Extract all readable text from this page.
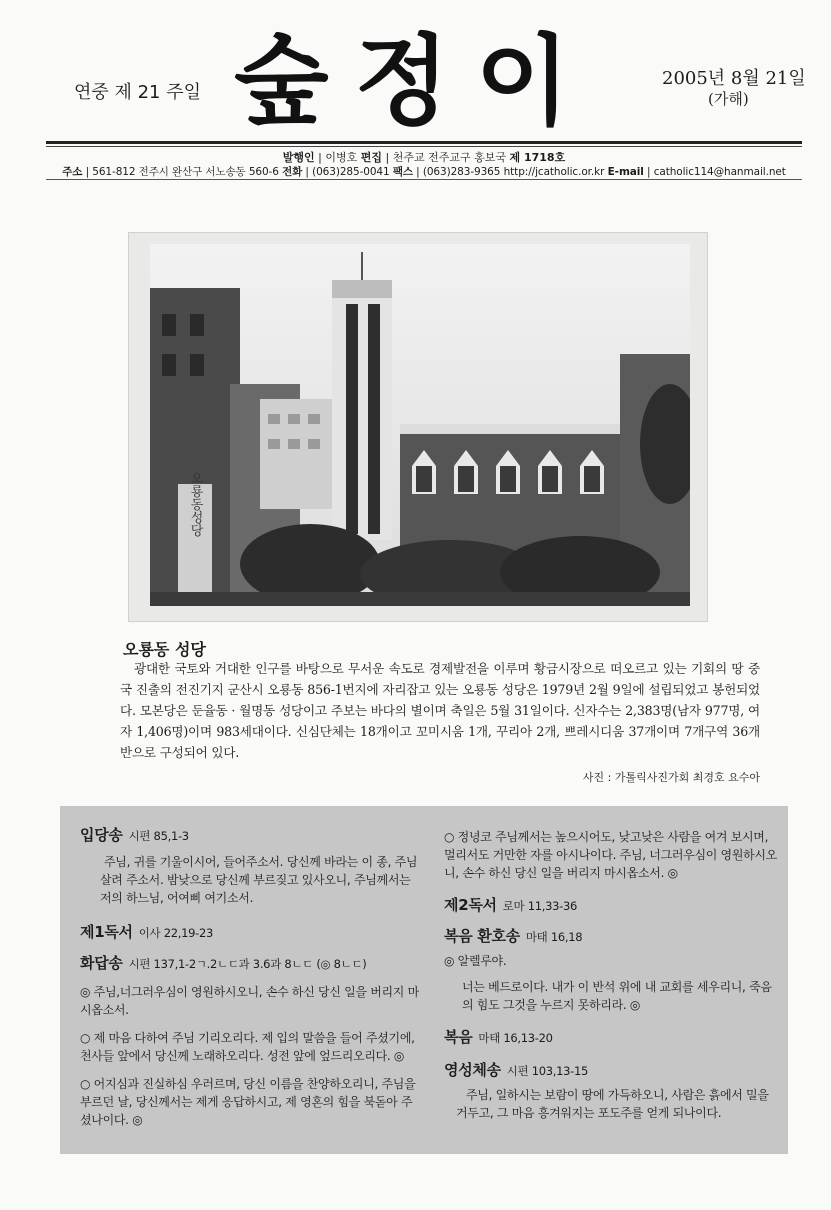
연중 제 21 주일 숲정이	2005년 8월 21일
(가해)
발행인 | 이병호 편집 | 천주교 전주교구 홍보국 제 1718호
주소 | 561-812 전주시 완산구 서노송동 560-6 전화 | (063)285-0041 팩스 | (063)283-9365 http://jcatholic.or.kr E-mail | catholic114@hanmail.net
오룡동성당
오룡동 성당
광대한 국토와 거대한 인구를 바탕으로 무서운 속도로 경제발전을 이루며 황금시장으로 떠오르고 있는 기회의 땅 중국 진출의 전진기지 군산시 오룡동 856-1번지에 자리잡고 있는 오룡동 성당은 1979년 2월 9일에 설립되었고 봉헌되었다. 모본당은 둔율동 · 월명동 성당이고 주보는 바다의 별이며 축일은 5월 31일이다. 신자수는 2,383명(남자 977명, 여자 1,406명)이며 983세대이다. 신심단체는 18개이고 꼬미시움 1개, 꾸리아 2개, 쁘레시디움 37개이며 7개구역 36개반으로 구성되어 있다.
사진 : 가톨릭사진가회 최경호 요수아
입당송 시편 85,1-3
주님, 귀를 기울이시어, 들어주소서. 당신께 바라는 이 종, 주님 살려 주소서. 밤낮으로 당신께 부르짖고 있사오니, 주님께서는 저의 하느님, 어여삐 여기소서.
제1독서 이사 22,19-23
화답송 시편 137,1-2ㄱ.2ㄴㄷ과 3.6과 8ㄴㄷ (◎ 8ㄴㄷ)
◎ 주님,너그러우심이 영원하시오니, 손수 하신 당신 일을 버리지 마시옵소서.
○ 제 마음 다하여 주님 기리오리다. 제 입의 말씀을 들어 주셨기에, 천사들 앞에서 당신께 노래하오리다. 성전 앞에 엎드리오리다. ◎
○ 어지심과 진실하심 우러르며, 당신 이름을 찬양하오리니, 주님을 부르던 날, 당신께서는 제게 응답하시고, 제 영혼의 힘을 북돋아 주셨나이다. ◎
○ 정녕코 주님께서는 높으시어도, 낮고낮은 사람을 여겨 보시며, 멀리서도 거만한 자를 아시나이다. 주님, 너그러우심이 영원하시오니, 손수 하신 당신 일을 버리지 마시옵소서. ◎
제2독서 로마 11,33-36
복음 환호송 마태 16,18
◎ 알렐루야.
너는 베드로이다. 내가 이 반석 위에 내 교회를 세우리니, 죽음의 힘도 그것을 누르지 못하리라. ◎
복음 마태 16,13-20
영성체송 시편 103,13-15
주님, 일하시는 보람이 땅에 가득하오니, 사람은 흙에서 밀을 거두고, 그 마음 흥겨워지는 포도주를 얻게 되나이다.
